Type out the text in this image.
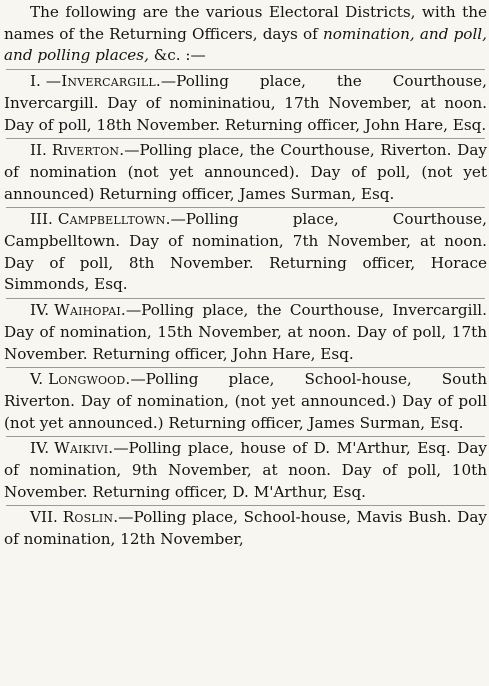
The following are the various Electoral Districts, with the names of the Returning Officers, days of nomination, and poll, and polling places, &c. :—

I. —Invercargill.—Polling place, the Courthouse, Invercargill. Day of nomininatiou, 17th November, at noon. Day of poll, 18th November. Returning officer, John Hare, Esq.

II. Riverton.—Polling place, the Courthouse, Riverton. Day of nomination (not yet announced). Day of poll, (not yet announced) Returning officer, James Surman, Esq.

III. Campbelltown.—Polling place, Courthouse, Campbelltown. Day of nomination, 7th November, at noon. Day of poll, 8th November. Returning officer, Horace Simmonds, Esq.

IV. Waihopai.—Polling place, the Courthouse, Invercargill. Day of nomination, 15th November, at noon. Day of poll, 17th November. Returning officer, John Hare, Esq.

V. Longwood.—Polling place, School-house, South Riverton. Day of nomination, (not yet announced.) Day of poll (not yet announced.) Returning officer, James Surman, Esq.

IV. Waikivi.—Polling place, house of D. M'Arthur, Esq. Day of nomination, 9th November, at noon. Day of poll, 10th November. Returning officer, D. M'Arthur, Esq.

VII. Roslin.—Polling place, School-house, Mavis Bush. Day of nomination, 12th November,
